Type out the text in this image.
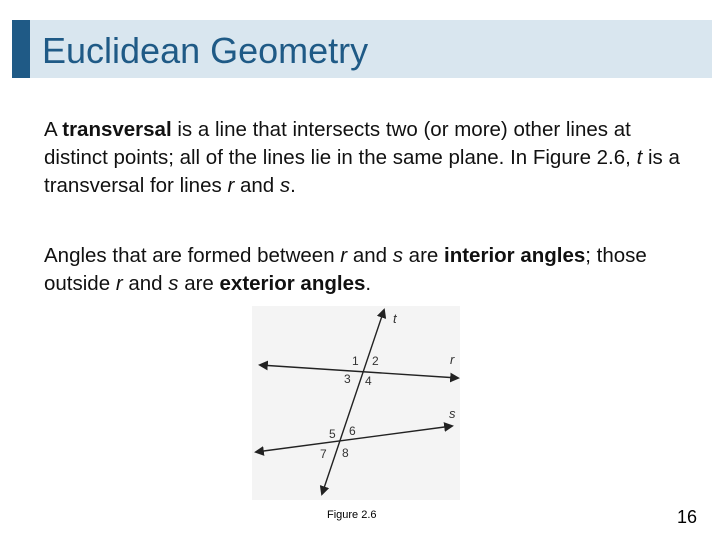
Euclidean Geometry
A transversal is a line that intersects two (or more) other lines at distinct points; all of the lines lie in the same plane. In Figure 2.6, t is a transversal for lines r and s.
Angles that are formed between r and s are interior angles; those outside r and s are exterior angles.
t
r
s
1 2
3 4
5 6
7 8
Figure 2.6	16
